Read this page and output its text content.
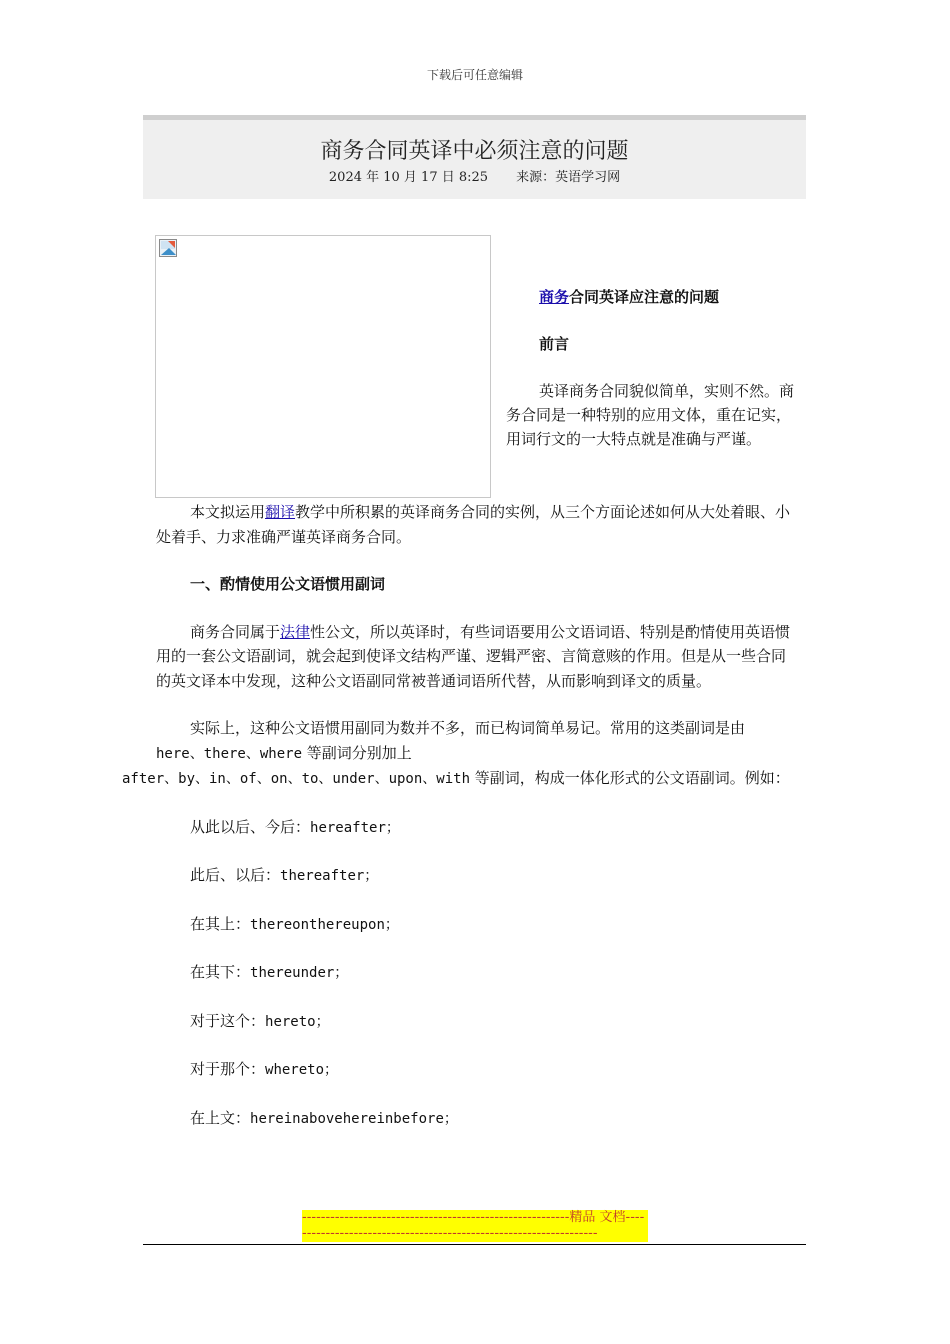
下载后可任意编辑
商务合同英译中必须注意的问题
2024 年 10 月 17 日 8:25 来源：英语学习网
商务合同英译应注意的问题
前言
英译商务合同貌似简单，实则不然。商务合同是一种特别的应用文体，重在记实，用词行文的一大特点就是准确与严谨。

本文拟运用翻译教学中所积累的英译商务合同的实例，从三个方面论述如何从大处着眼、小处着手、力求准确严谨英译商务合同。

一、酌情使用公文语惯用副词

商务合同属于法律性公文，所以英译时，有些词语要用公文语词语、特别是酌情使用英语惯用的一套公文语副词，就会起到使译文结构严谨、逻辑严密、言简意赅的作用。但是从一些合同的英文译本中发现，这种公文语副同常被普通词语所代替，从而影响到译文的质量。

实际上，这种公文语惯用副同为数并不多，而已构词简单易记。常用的这类副词是由 here、there、where 等副词分别加上
after、by、in、of、on、to、under、upon、with 等副词，构成一体化形式的公文语副词。例如：

从此以后、今后：hereafter；

此后、以后：thereafter；

在其上：thereonthereupon；

在其下：thereunder；

对于这个：hereto；

对于那个：whereto；

在上文：hereinabovehereinbefore；

---------------------------------------------------------精品 文档-------------------------------------------------------------------
